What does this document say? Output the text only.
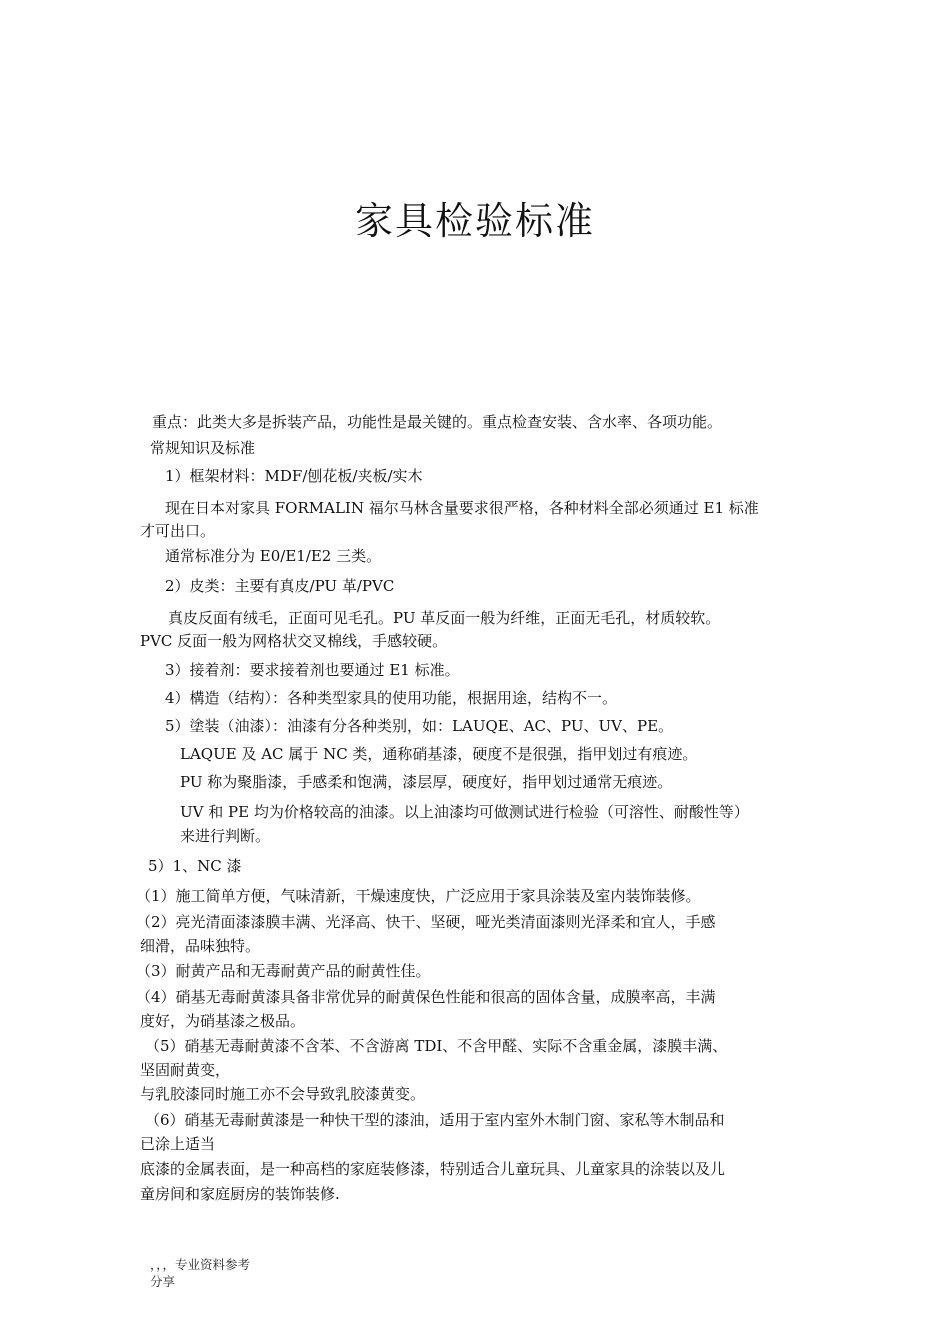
家具检验标准
重点：此类大多是拆装产品，功能性是最关键的。重点检查安装、含水率、各项功能。
常规知识及标准
1）框架材料：MDF/刨花板/夹板/实木
现在日本对家具 FORMALIN 福尔马林含量要求很严格，各种材料全部必须通过 E1 标准
才可出口。
通常标准分为 E0/E1/E2 三类。
2）皮类：主要有真皮/PU 革/PVC
真皮反面有绒毛，正面可见毛孔。PU 革反面一般为纤维，正面无毛孔，材质较软。
PVC 反面一般为网格状交叉棉线，手感较硬。
3）接着剂：要求接着剂也要通过 E1 标准。
4）構造（结构）：各种类型家具的使用功能，根据用途，结构不一。
5）塗装（油漆）：油漆有分各种类别，如：LAUQE、AC、PU、UV、PE。
LAQUE 及 AC 属于 NC 类，通称硝基漆，硬度不是很强，指甲划过有痕迹。
PU 称为聚脂漆，手感柔和饱满，漆层厚，硬度好，指甲划过通常无痕迹。
UV 和 PE 均为价格较高的油漆。以上油漆均可做测试进行检验（可溶性、耐酸性等）
来进行判断。
5）1、NC 漆
（1）施工简单方便，气味清新，干燥速度快，广泛应用于家具涂装及室内装饰装修。
（2）亮光清面漆漆膜丰满、光泽高、快干、坚硬，哑光类清面漆则光泽柔和宜人，手感
细滑，品味独特。
（3）耐黄产品和无毒耐黄产品的耐黄性佳。
（4）硝基无毒耐黄漆具备非常优异的耐黄保色性能和很高的固体含量，成膜率高，丰满
度好，为硝基漆之极品。
（5）硝基无毒耐黄漆不含苯、不含游离 TDI、不含甲醛、实际不含重金属，漆膜丰满、
坚固耐黄变，
与乳胶漆同时施工亦不会导致乳胶漆黄变。
（6）硝基无毒耐黄漆是一种快干型的漆油，适用于室内室外木制门窗、家私等木制品和
已涂上适当
底漆的金属表面，是一种高档的家庭装修漆，特别适合儿童玩具、儿童家具的涂装以及儿
童房间和家庭厨房的装饰装修.
，，，专业资料参考
分享
